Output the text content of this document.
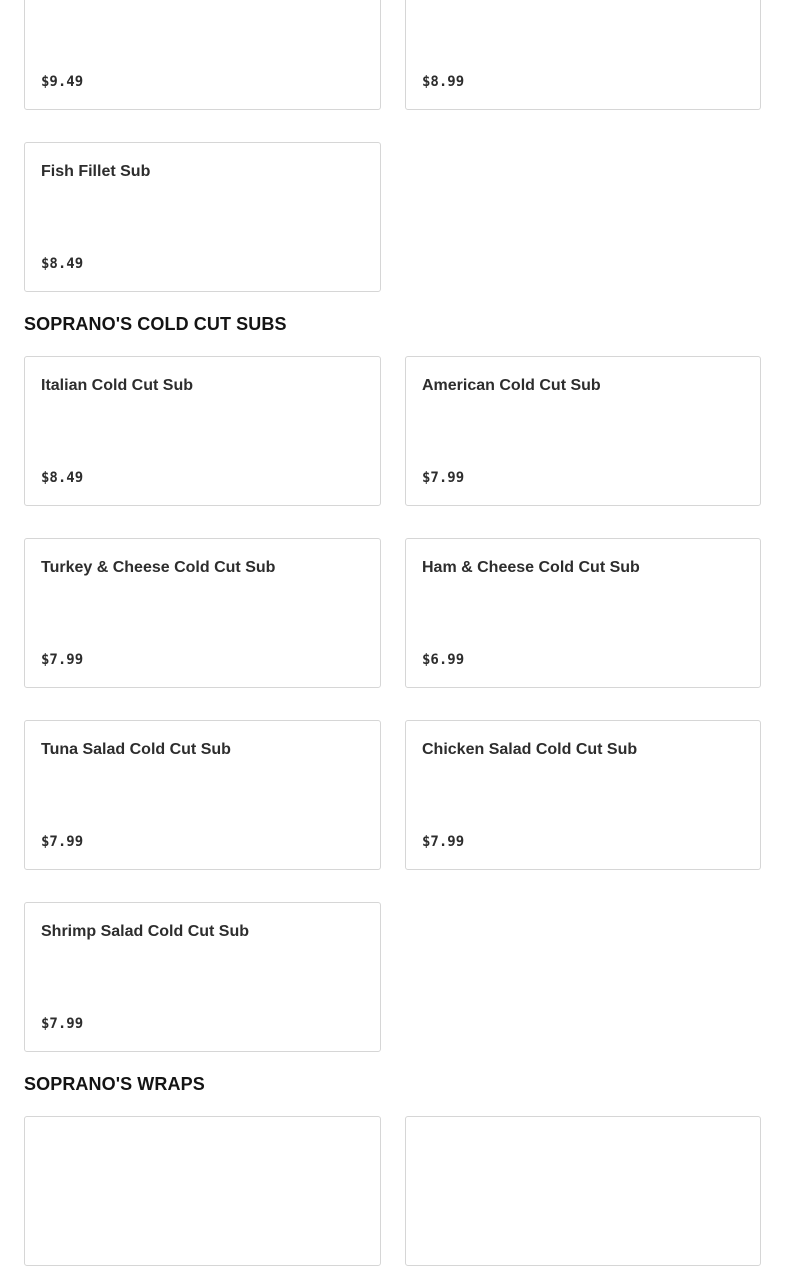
$9.49	$8.99
Fish Fillet Sub
$8.49
SOPRANO'S COLD CUT SUBS
Italian Cold Cut Sub
$8.49
American Cold Cut Sub
$7.99
Turkey & Cheese Cold Cut Sub
$7.99
Ham & Cheese Cold Cut Sub
$6.99
Tuna Salad Cold Cut Sub
$7.99
Chicken Salad Cold Cut Sub
$7.99
Shrimp Salad Cold Cut Sub
$7.99
SOPRANO'S WRAPS
